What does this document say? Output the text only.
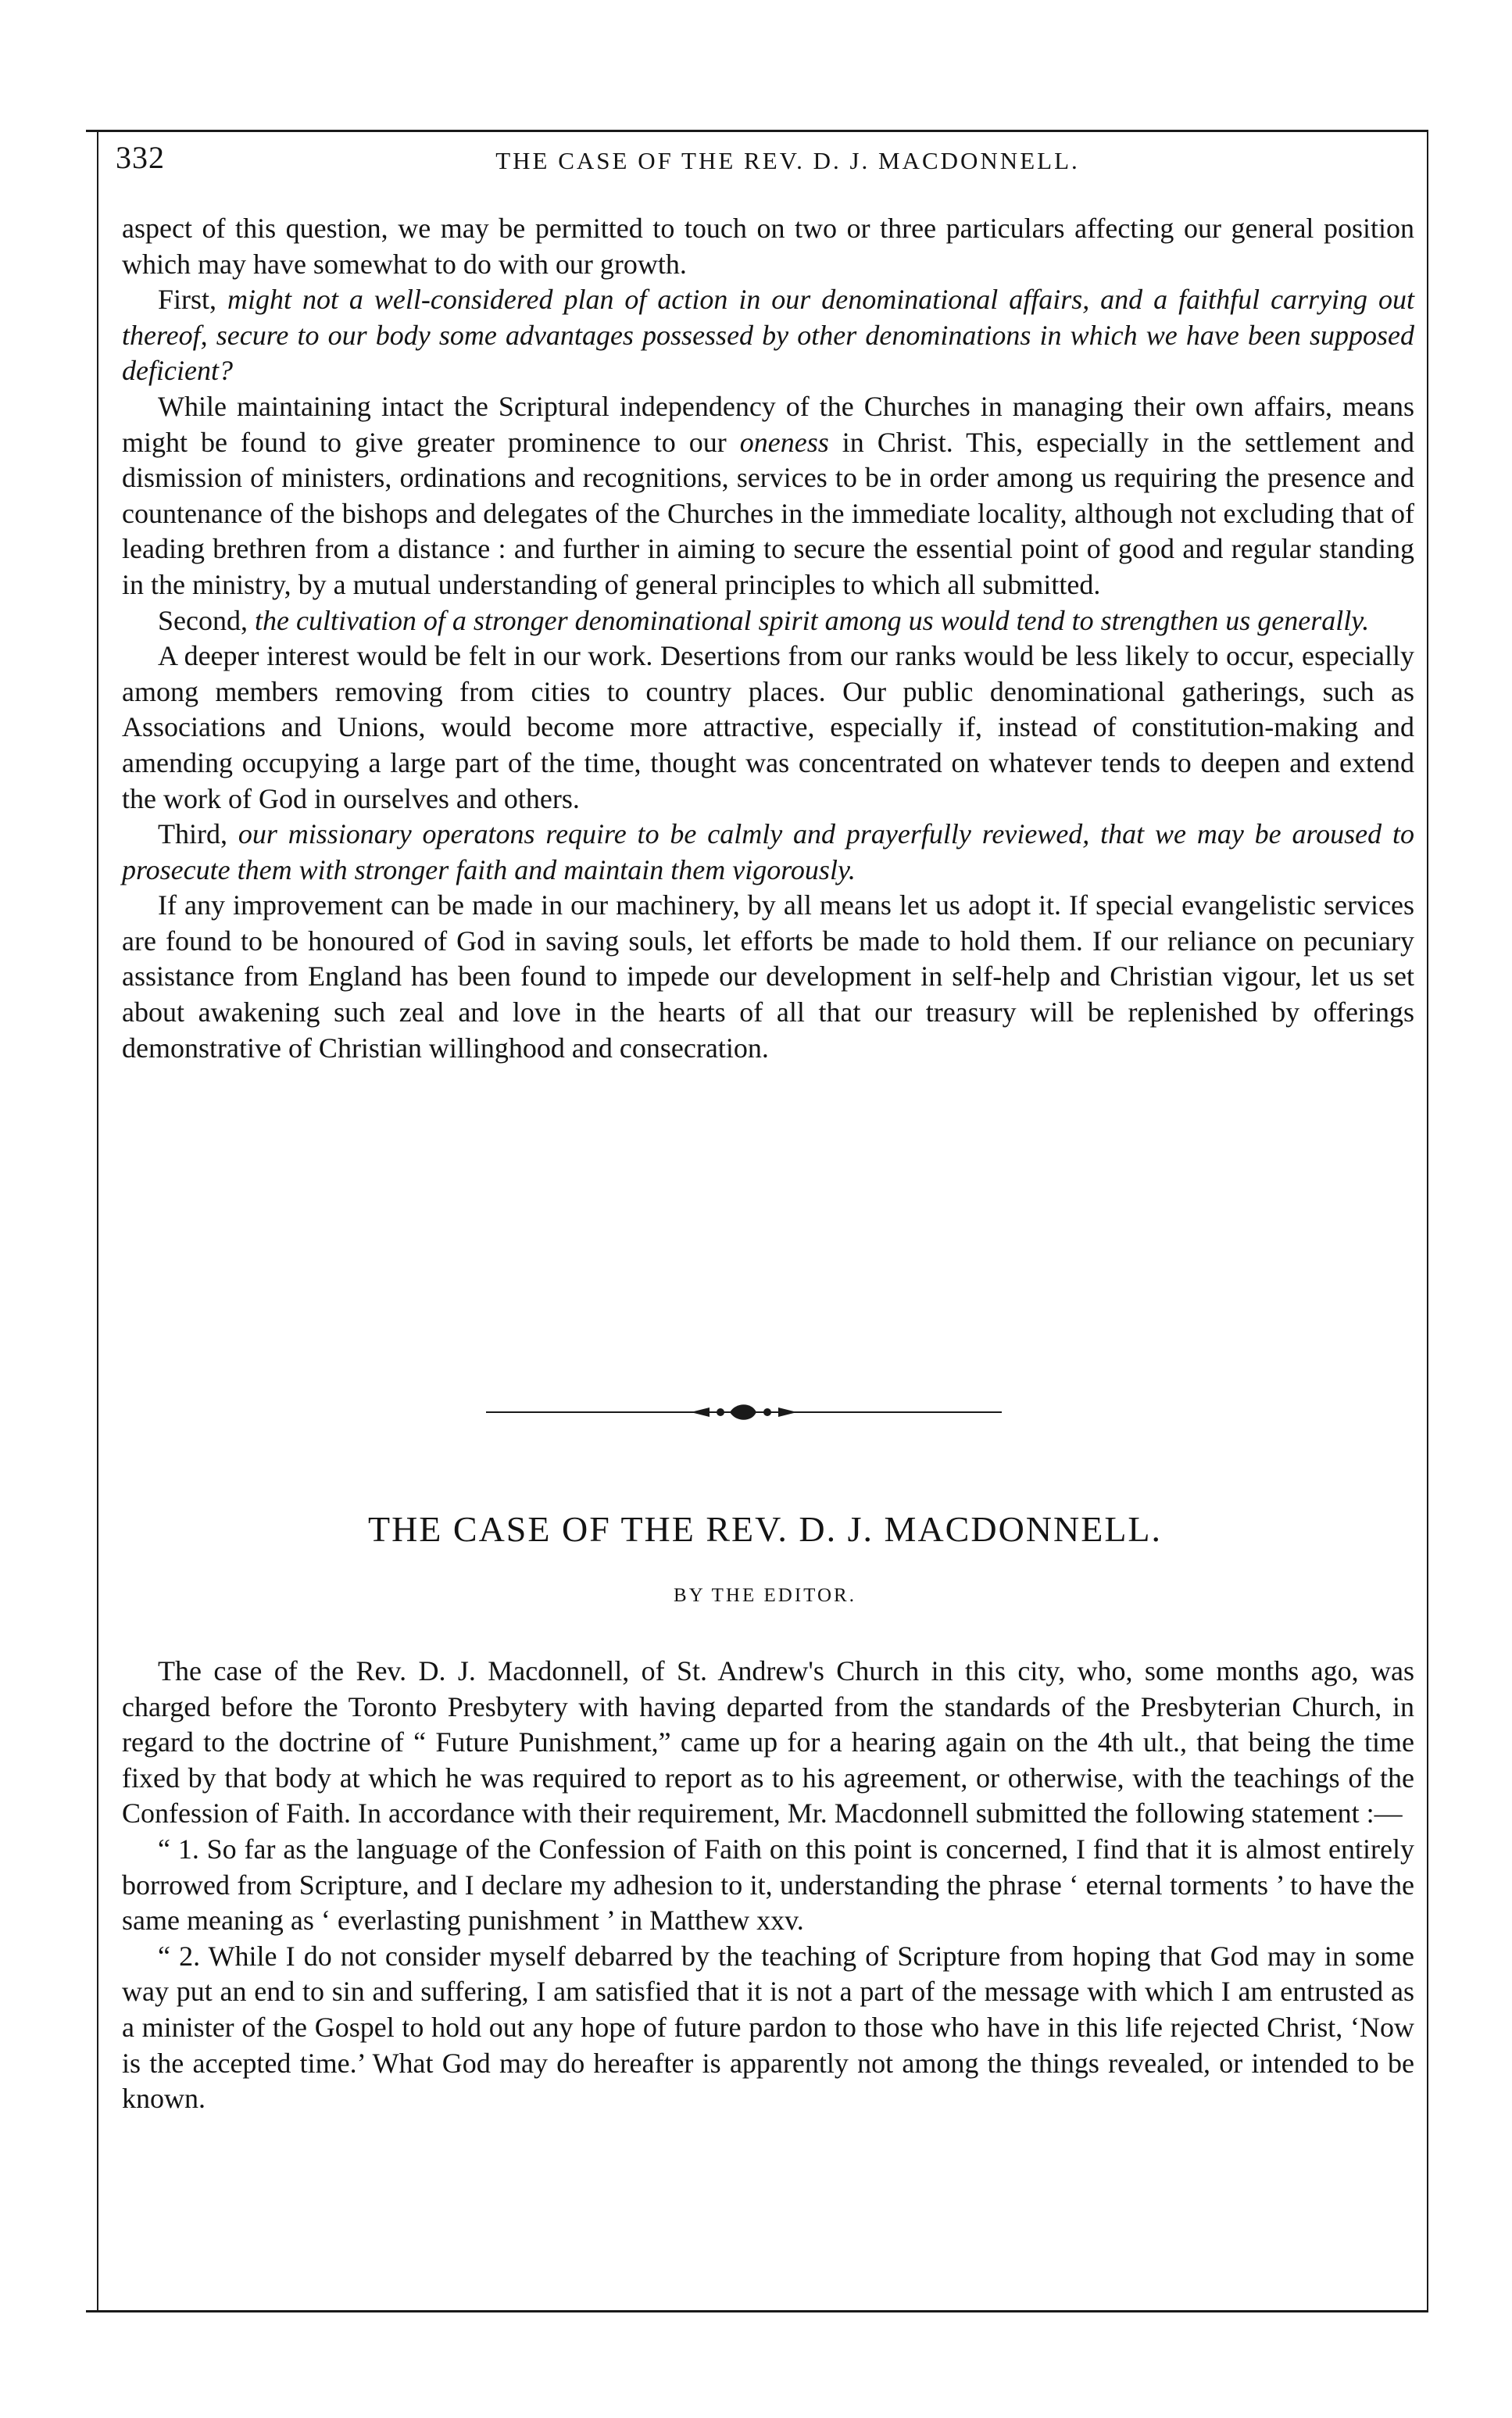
332	THE CASE OF THE REV. D. J. MACDONNELL.

aspect of this question, we may be permitted to touch on two or three particulars affecting our general position which may have somewhat to do with our growth.

First, might not a well-considered plan of action in our denominational affairs, and a faithful carrying out thereof, secure to our body some advantages possessed by other denominations in which we have been supposed deficient?

While maintaining intact the Scriptural independency of the Churches in managing their own affairs, means might be found to give greater prominence to our oneness in Christ. This, especially in the settlement and dismission of ministers, ordinations and recognitions, services to be in order among us requiring the presence and countenance of the bishops and delegates of the Churches in the immediate locality, although not excluding that of leading brethren from a distance : and further in aiming to secure the essential point of good and regular standing in the ministry, by a mutual understanding of general principles to which all submitted.

Second, the cultivation of a stronger denominational spirit among us would tend to strengthen us generally.

A deeper interest would be felt in our work. Desertions from our ranks would be less likely to occur, especially among members removing from cities to country places. Our public denominational gatherings, such as Associations and Unions, would become more attractive, especially if, instead of constitution-making and amending occupying a large part of the time, thought was concentrated on whatever tends to deepen and extend the work of God in ourselves and others.

Third, our missionary operatons require to be calmly and prayerfully reviewed, that we may be aroused to prosecute them with stronger faith and maintain them vigorously.

If any improvement can be made in our machinery, by all means let us adopt it. If special evangelistic services are found to be honoured of God in saving souls, let efforts be made to hold them. If our reliance on pecuniary assistance from England has been found to impede our development in self-help and Christian vigour, let us set about awakening such zeal and love in the hearts of all that our treasury will be replenished by offerings demonstrative of Christian willinghood and consecration.

THE CASE OF THE REV. D. J. MACDONNELL.
BY THE EDITOR.

The case of the Rev. D. J. Macdonnell, of St. Andrew's Church in this city, who, some months ago, was charged before the Toronto Presbytery with having departed from the standards of the Presbyterian Church, in regard to the doctrine of “ Future Punishment,” came up for a hearing again on the 4th ult., that being the time fixed by that body at which he was required to report as to his agreement, or otherwise, with the teachings of the Confession of Faith. In accordance with their requirement, Mr. Macdonnell submitted the following statement :—

“ 1. So far as the language of the Confession of Faith on this point is concerned, I find that it is almost entirely borrowed from Scripture, and I declare my adhesion to it, understanding the phrase ‘ eternal torments ’ to have the same meaning as ‘ everlasting punishment ’ in Matthew xxv.

“ 2. While I do not consider myself debarred by the teaching of Scripture from hoping that God may in some way put an end to sin and suffering, I am satisfied that it is not a part of the message with which I am entrusted as a minister of the Gospel to hold out any hope of future pardon to those who have in this life rejected Christ, ‘Now is the accepted time.’ What God may do hereafter is apparently not among the things revealed, or intended to be known.
